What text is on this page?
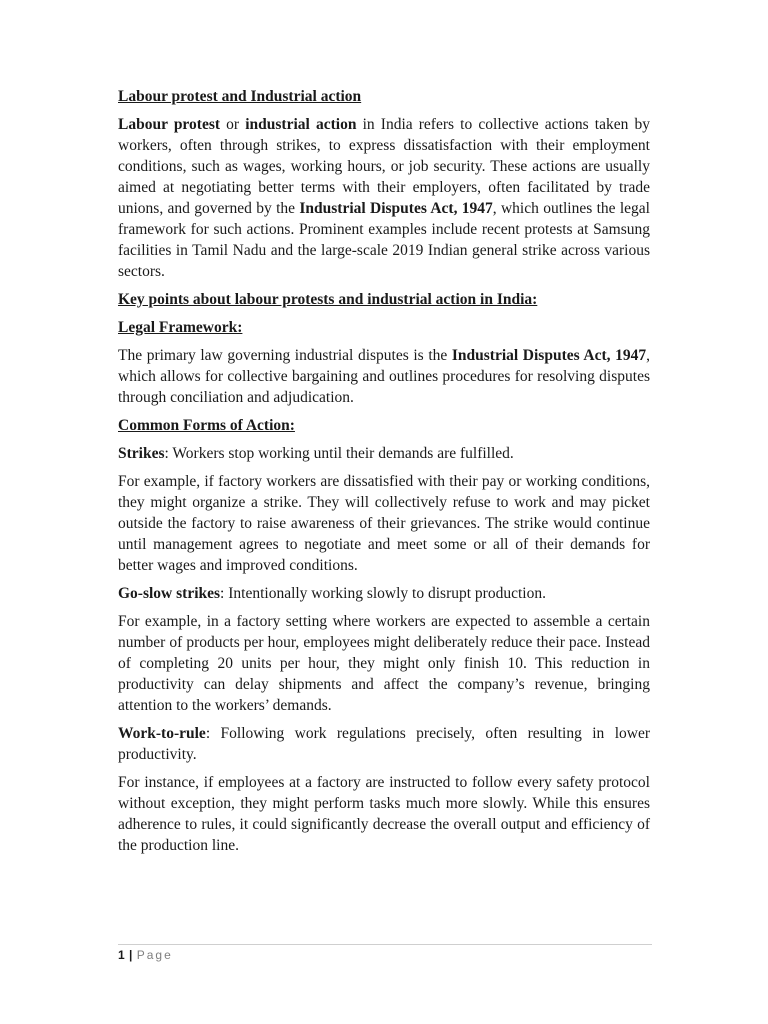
Labour protest and Industrial action

Labour protest or industrial action in India refers to collective actions taken by workers, often through strikes, to express dissatisfaction with their employment conditions, such as wages, working hours, or job security. These actions are usually aimed at negotiating better terms with their employers, often facilitated by trade unions, and governed by the Industrial Disputes Act, 1947, which outlines the legal framework for such actions. Prominent examples include recent protests at Samsung facilities in Tamil Nadu and the large-scale 2019 Indian general strike across various sectors.

Key points about labour protests and industrial action in India:
Legal Framework:

The primary law governing industrial disputes is the Industrial Disputes Act, 1947, which allows for collective bargaining and outlines procedures for resolving disputes through conciliation and adjudication.

Common Forms of Action:

Strikes: Workers stop working until their demands are fulfilled.

For example, if factory workers are dissatisfied with their pay or working conditions, they might organize a strike. They will collectively refuse to work and may picket outside the factory to raise awareness of their grievances. The strike would continue until management agrees to negotiate and meet some or all of their demands for better wages and improved conditions.

Go-slow strikes: Intentionally working slowly to disrupt production.

For example, in a factory setting where workers are expected to assemble a certain number of products per hour, employees might deliberately reduce their pace. Instead of completing 20 units per hour, they might only finish 10. This reduction in productivity can delay shipments and affect the company’s revenue, bringing attention to the workers’ demands.

Work-to-rule: Following work regulations precisely, often resulting in lower productivity.

For instance, if employees at a factory are instructed to follow every safety protocol without exception, they might perform tasks much more slowly. While this ensures adherence to rules, it could significantly decrease the overall output and efficiency of the production line.

1 | Page
